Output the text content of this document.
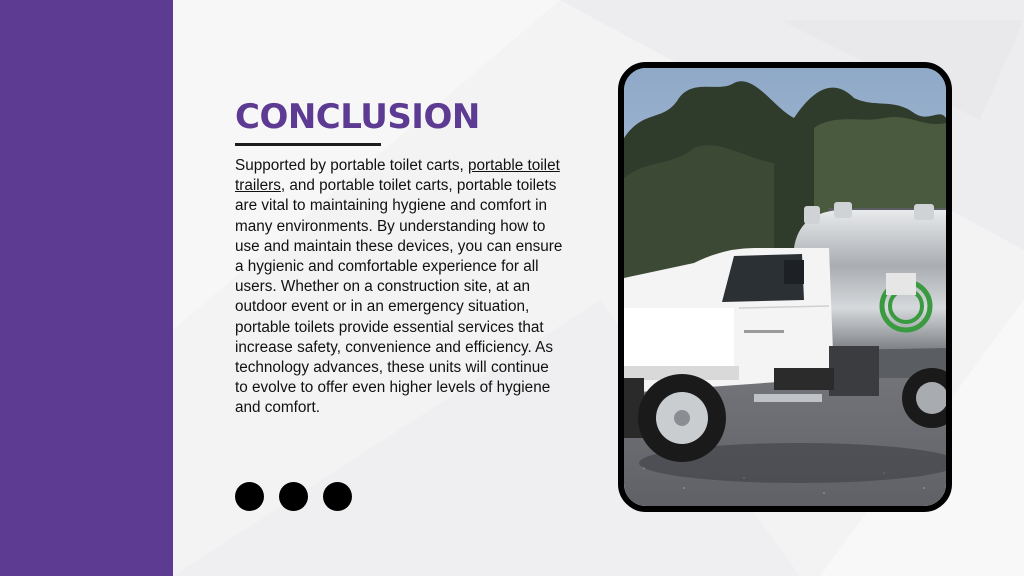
CONCLUSION

Supported by portable toilet carts, portable toilet trailers, and portable toilet carts, portable toilets are vital to maintaining hygiene and comfort in many environments. By understanding how to use and maintain these devices, you can ensure a hygienic and comfortable experience for all users. Whether on a construction site, at an outdoor event or in an emergency situation, portable toilets provide essential services that increase safety, convenience and efficiency. As technology advances, these units will continue to evolve to offer even higher levels of hygiene and comfort.
